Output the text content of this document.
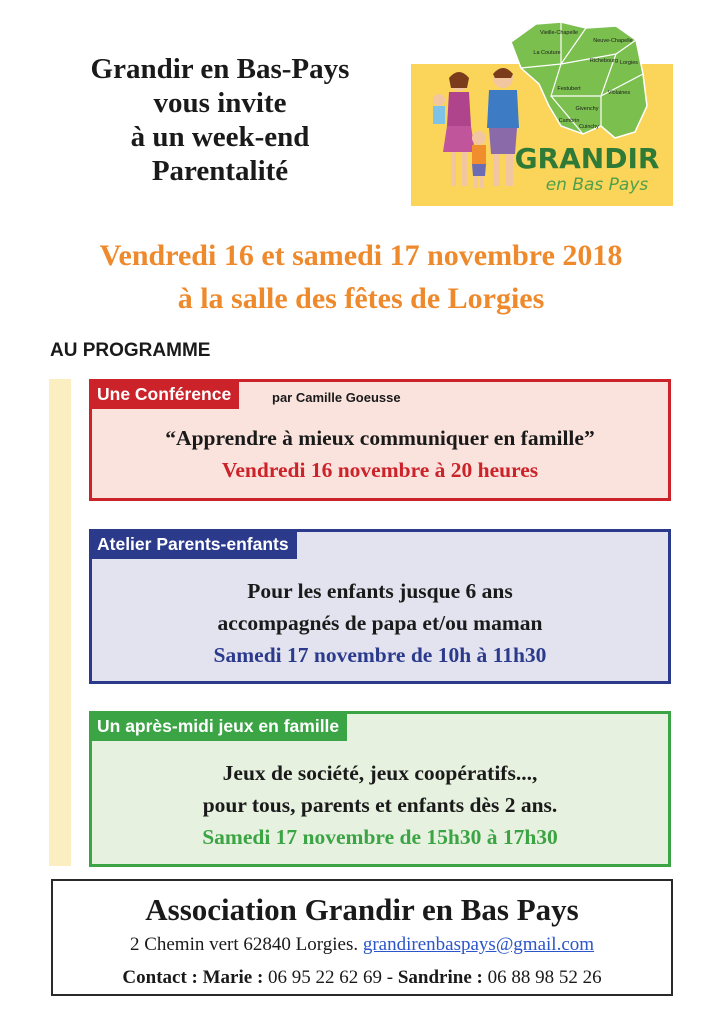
Grandir en Bas-Pays
vous invite
à un week-end
Parentalité
Vieille-Chapelle
Neuve-Chapelle
La Couture
Richebourg Lorgies
Festubert
Violaines
Givenchy
Cambrin
Cuinchy
GRANDIR
en Bas Pays
Vendredi 16 et samedi 17 novembre 2018
à la salle des fêtes de Lorgies
AU PROGRAMME
Une Conférence	par Camille Goeusse
“Apprendre à mieux communiquer en famille”
Vendredi 16 novembre à 20 heures
Atelier Parents-enfants
Pour les enfants jusque 6 ans
accompagnés de papa et/ou maman
Samedi 17 novembre de 10h à 11h30
Un après-midi jeux en famille
Jeux de société, jeux coopératifs...,
pour tous, parents et enfants dès 2 ans.
Samedi 17 novembre de 15h30 à 17h30
Association Grandir en Bas Pays
2 Chemin vert 62840 Lorgies. grandirenbaspays@gmail.com
Contact : Marie : 06 95 22 62 69 - Sandrine : 06 88 98 52 26
